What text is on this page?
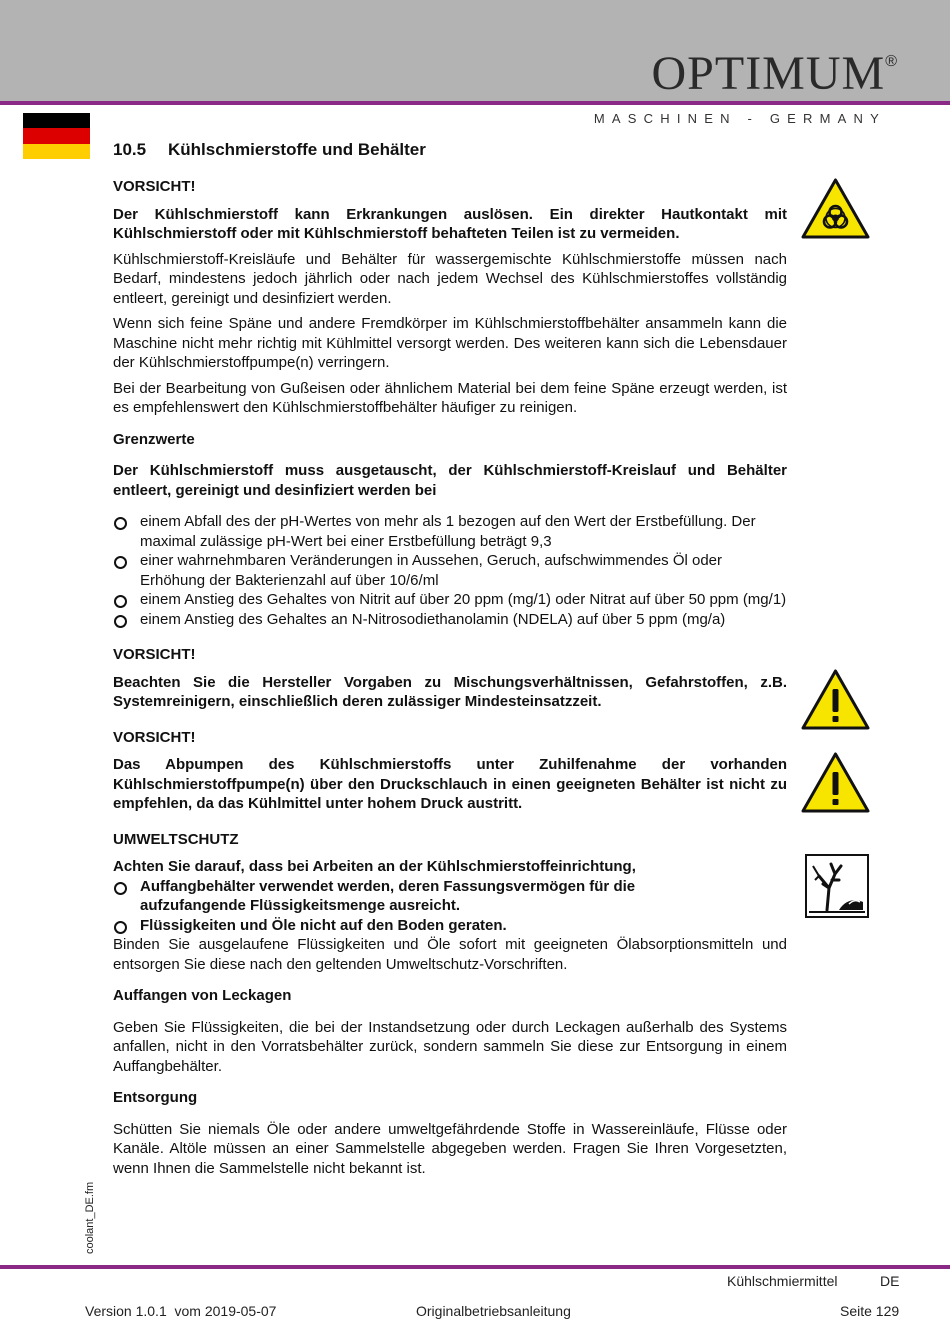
OPTIMUM®
MASCHINEN - GERMANY
10.5 Kühlschmierstoffe und Behälter

VORSICHT!

Der Kühlschmierstoff kann Erkrankungen auslösen. Ein direkter Hautkontakt mit Kühlschmierstoff oder mit Kühlschmierstoff behafteten Teilen ist zu vermeiden.

Kühlschmierstoff-Kreisläufe und Behälter für wassergemischte Kühlschmierstoffe müssen nach Bedarf, mindestens jedoch jährlich oder nach jedem Wechsel des Kühlschmierstoffes vollständig entleert, gereinigt und desinfiziert werden.

Wenn sich feine Späne und andere Fremdkörper im Kühlschmierstoffbehälter ansammeln kann die Maschine nicht mehr richtig mit Kühlmittel versorgt werden. Des weiteren kann sich die Lebensdauer der Kühlschmierstoffpumpe(n) verringern.

Bei der Bearbeitung von Gußeisen oder ähnlichem Material bei dem feine Späne erzeugt werden, ist es empfehlenswert den Kühlschmierstoffbehälter häufiger zu reinigen.

Grenzwerte

Der Kühlschmierstoff muss ausgetauscht, der Kühlschmierstoff-Kreislauf und Behälter entleert, gereinigt und desinfiziert werden bei

einem Abfall des der pH-Wertes von mehr als 1 bezogen auf den Wert der Erstbefüllung. Der maximal zulässige pH-Wert bei einer Erstbefüllung beträgt 9,3
einer wahrnehmbaren Veränderungen in Aussehen, Geruch, aufschwimmendes Öl oder Erhöhung der Bakterienzahl auf über 10/6/ml
einem Anstieg des Gehaltes von Nitrit auf über 20 ppm (mg/1) oder Nitrat auf über 50 ppm (mg/1)
einem Anstieg des Gehaltes an N-Nitrosodiethanolamin (NDELA) auf über 5 ppm (mg/a)

VORSICHT!

Beachten Sie die Hersteller Vorgaben zu Mischungsverhältnissen, Gefahrstoffen, z.B. Systemreinigern, einschließlich deren zulässiger Mindesteinsatzzeit.

VORSICHT!

Das Abpumpen des Kühlschmierstoffs unter Zuhilfenahme der vorhanden Kühlschmierstoffpumpe(n) über den Druckschlauch in einen geeigneten Behälter ist nicht zu empfehlen, da das Kühlmittel unter hohem Druck austritt.

UMWELTSCHUTZ

Achten Sie darauf, dass bei Arbeiten an der Kühlschmierstoffeinrichtung,

Auffangbehälter verwendet werden, deren Fassungsvermögen für die aufzufangende Flüssigkeitsmenge ausreicht.
Flüssigkeiten und Öle nicht auf den Boden geraten.

Binden Sie ausgelaufene Flüssigkeiten und Öle sofort mit geeigneten Ölabsorptionsmitteln und entsorgen Sie diese nach den geltenden Umweltschutz-Vorschriften.

Auffangen von Leckagen

Geben Sie Flüssigkeiten, die bei der Instandsetzung oder durch Leckagen außerhalb des Systems anfallen, nicht in den Vorratsbehälter zurück, sondern sammeln Sie diese zur Entsorgung in einem Auffangbehälter.

Entsorgung

Schütten Sie niemals Öle oder andere umweltgefährdende Stoffe in Wassereinläufe, Flüsse oder Kanäle. Altöle müssen an einer Sammelstelle abgegeben werden. Fragen Sie Ihren Vorgesetzten, wenn Ihnen die Sammelstelle nicht bekannt ist.

coolant_DE.fm
Kühlschmiermittel	DE
Version 1.0.1  vom 2019-05-07	Originalbetriebsanleitung	Seite 129
